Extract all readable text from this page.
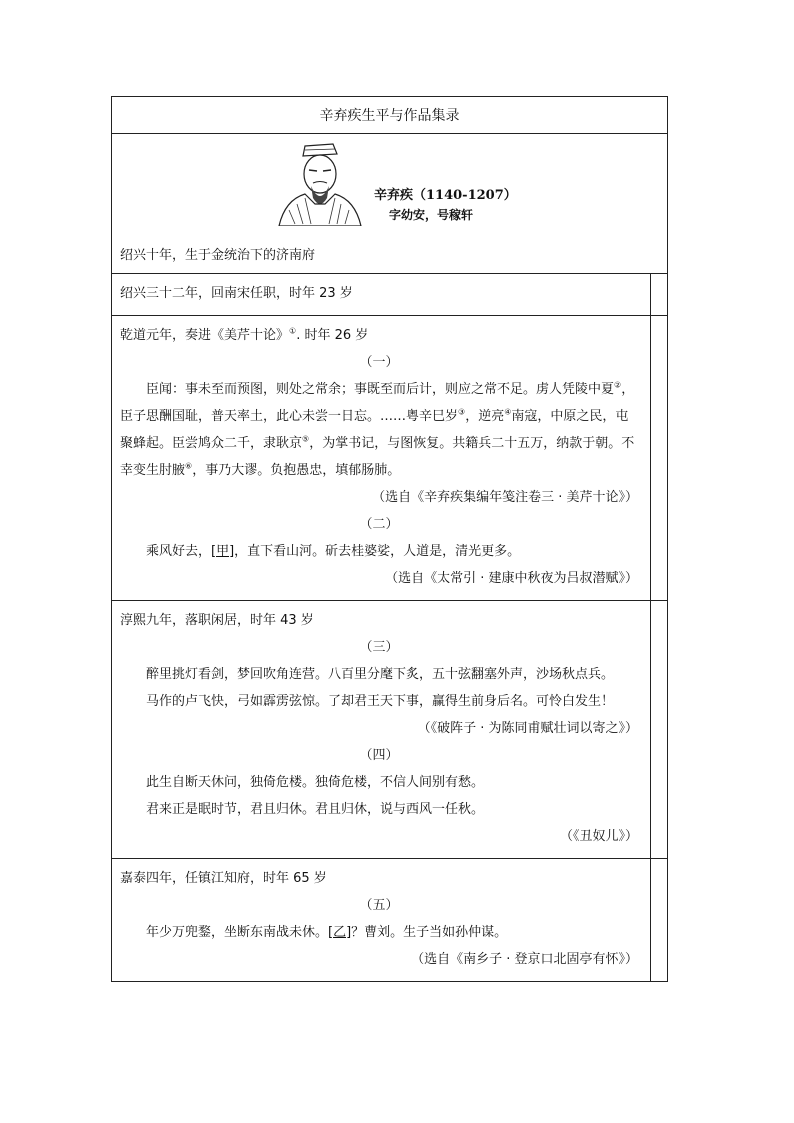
辛弃疾生平与作品集录
辛弃疾（1140-1207）
字幼安，号稼轩
绍兴十年，生于金统治下的济南府
绍兴三十二年，回南宋任职，时年 23 岁
乾道元年，奏进《美芹十论》①. 时年 26 岁
（一）
臣闻：事未至而预图，则处之常余；事既至而后计，则应之常不足。虏人凭陵中夏②，臣子思酬国耻，普天率土，此心未尝一日忘。……粤辛巳岁③，逆亮④南寇，中原之民，屯聚蜂起。臣尝鸠众二千，隶耿京⑤，为掌书记，与图恢复。共籍兵二十五万，纳款于朝。不幸变生肘腋⑥，事乃大谬。负抱愚忠，填郁肠肺。
（选自《辛弃疾集编年笺注卷三 · 美芹十论》）
（二）
乘风好去，[甲]，直下看山河。斫去桂婆娑，人道是，清光更多。
（选自《太常引 · 建康中秋夜为吕叔潜赋》）
淳熙九年，落职闲居，时年 43 岁
（三）
醉里挑灯看剑，梦回吹角连营。八百里分麾下炙，五十弦翻塞外声，沙场秋点兵。
马作的卢飞快，弓如霹雳弦惊。了却君王天下事，赢得生前身后名。可怜白发生！
（《破阵子 · 为陈同甫赋壮词以寄之》）
（四）
此生自断天休问，独倚危楼。独倚危楼，不信人间别有愁。
君来正是眠时节，君且归休。君且归休，说与西风一任秋。
（《丑奴儿》）
嘉泰四年，任镇江知府，时年 65 岁
（五）
年少万兜鍪，坐断东南战未休。[乙]？曹刘。生子当如孙仲谋。
（选自《南乡子 · 登京口北固亭有怀》）
